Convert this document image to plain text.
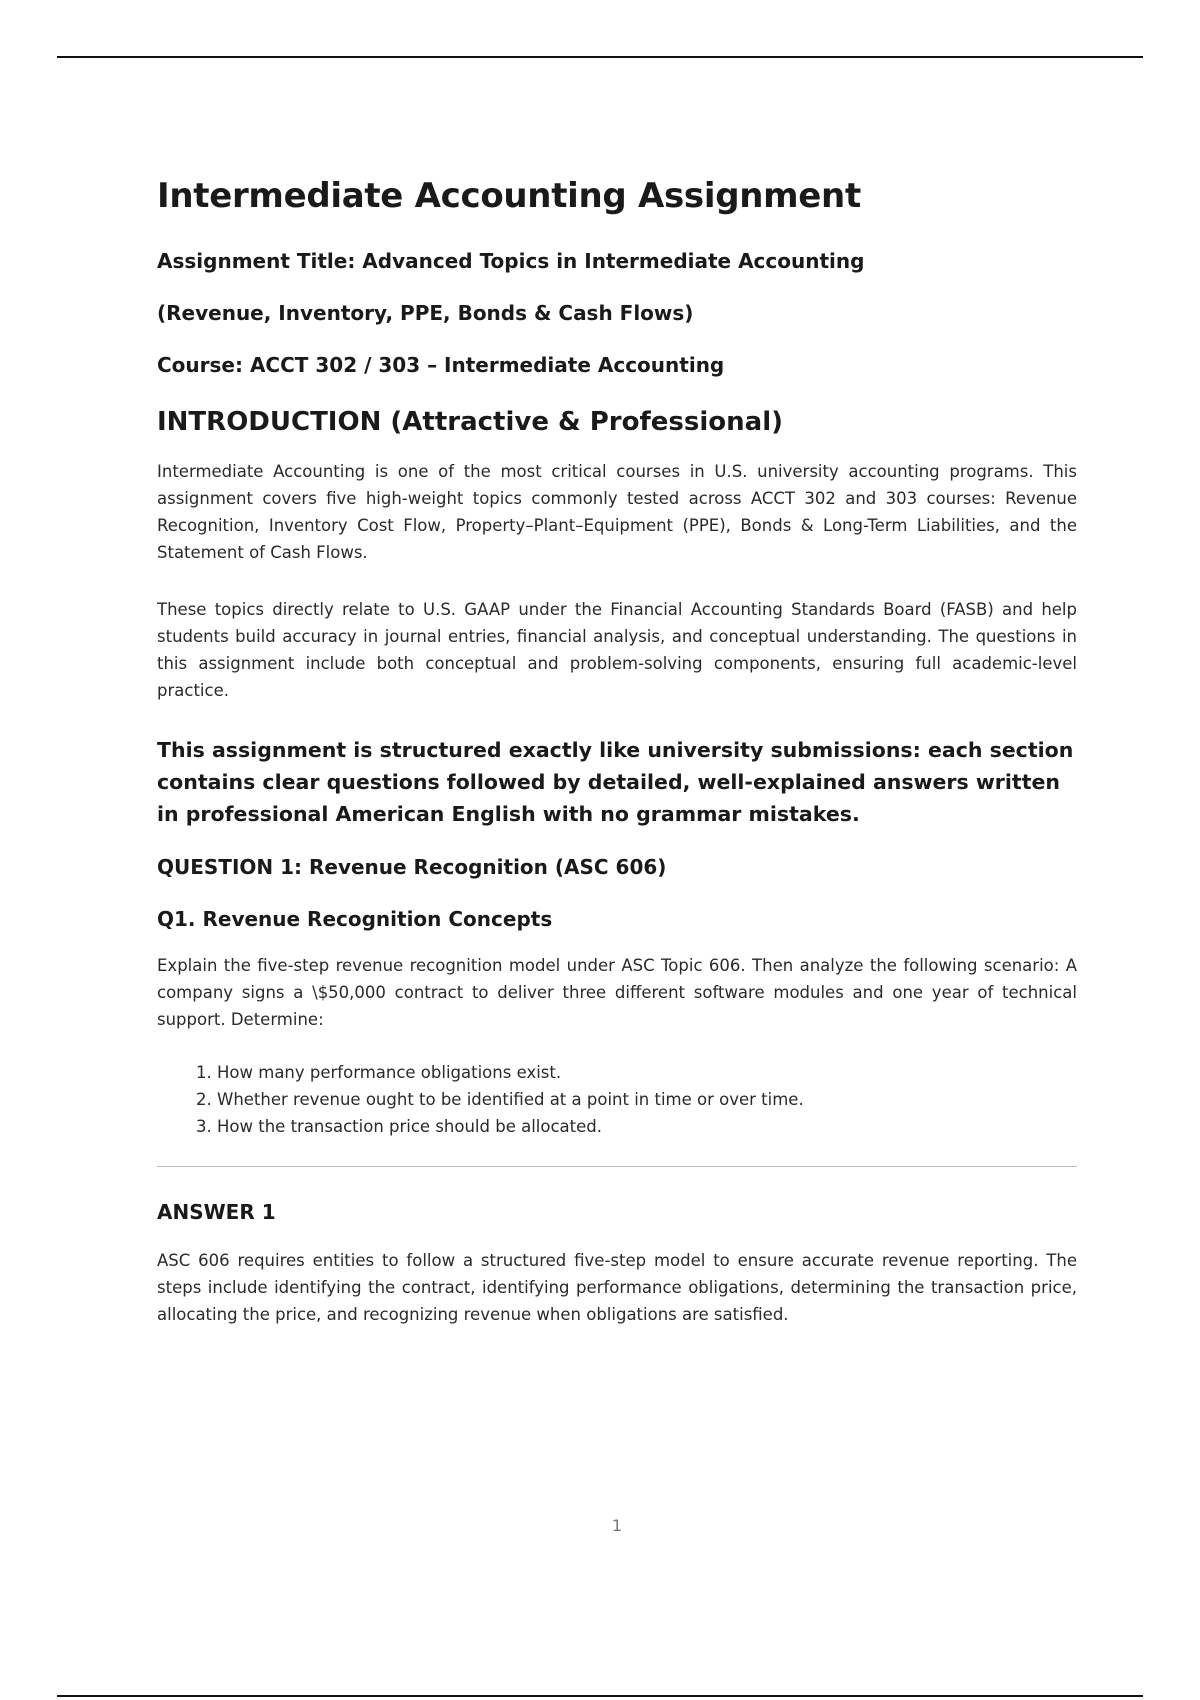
Intermediate Accounting Assignment
Assignment Title: Advanced Topics in Intermediate Accounting
(Revenue, Inventory, PPE, Bonds & Cash Flows)
Course: ACCT 302 / 303 – Intermediate Accounting
INTRODUCTION (Attractive & Professional)

Intermediate Accounting is one of the most critical courses in U.S. university accounting programs. This assignment covers five high-weight topics commonly tested across ACCT 302 and 303 courses: Revenue Recognition, Inventory Cost Flow, Property–Plant–Equipment (PPE), Bonds & Long-Term Liabilities, and the Statement of Cash Flows.

These topics directly relate to U.S. GAAP under the Financial Accounting Standards Board (FASB) and help students build accuracy in journal entries, financial analysis, and conceptual understanding. The questions in this assignment include both conceptual and problem-solving components, ensuring full academic-level practice.

This assignment is structured exactly like university submissions: each section contains clear questions followed by detailed, well-explained answers written in professional American English with no grammar mistakes.

QUESTION 1: Revenue Recognition (ASC 606)
Q1. Revenue Recognition Concepts

Explain the five-step revenue recognition model under ASC Topic 606. Then analyze the following scenario: A company signs a \$50,000 contract to deliver three different software modules and one year of technical support. Determine:

1. How many performance obligations exist.
2. Whether revenue ought to be identified at a point in time or over time.
3. How the transaction price should be allocated.
ANSWER 1

ASC 606 requires entities to follow a structured five-step model to ensure accurate revenue reporting. The steps include identifying the contract, identifying performance obligations, determining the transaction price, allocating the price, and recognizing revenue when obligations are satisfied.

1
